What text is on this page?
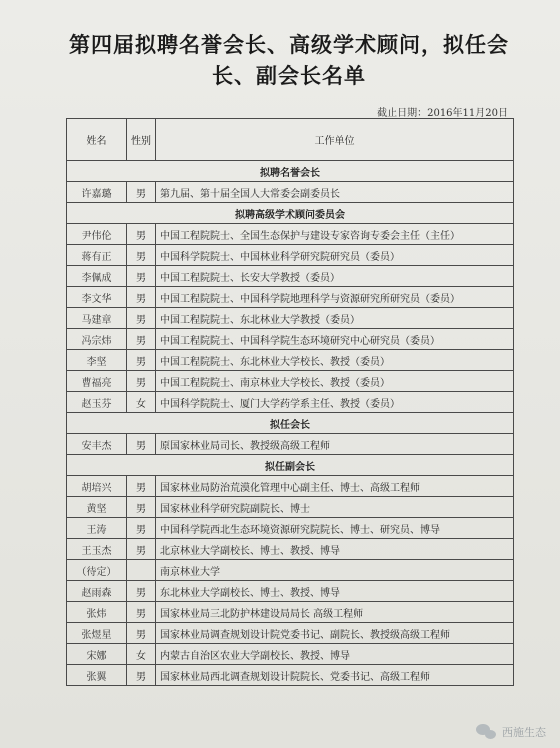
第四届拟聘名誉会长、高级学术顾问，拟任会长、副会长名单
截止日期：2016年11月20日
姓名	性别	工作单位
拟聘名誉会长		
许嘉璐	男	第九届、第十届全国人大常委会副委员长
拟聘高级学术顾问委员会		
尹伟伦	男	中国工程院院士、全国生态保护与建设专家咨询专委会主任（主任）
蒋有正	男	中国科学院院士、中国林业科学研究院研究员（委员）
李佩成	男	中国工程院院士、长安大学教授（委员）
李文华	男	中国工程院院士、中国科学院地理科学与资源研究所研究员（委员）
马建章	男	中国工程院院士、东北林业大学教授（委员）
冯宗炜	男	中国工程院院士、中国科学院生态环境研究中心研究员（委员）
李坚	男	中国工程院院士、东北林业大学校长、教授（委员）
曹福亮	男	中国工程院院士、南京林业大学校长、教授（委员）
赵玉芬	女	中国科学院院士、厦门大学药学系主任、教授（委员）
拟任会长		
安丰杰	男	原国家林业局司长、教授级高级工程师
拟任副会长		
胡培兴	男	国家林业局防治荒漠化管理中心副主任、博士、高级工程师
黄坚	男	国家林业科学研究院副院长、博士
王涛	男	中国科学院西北生态环境资源研究院院长、博士、研究员、博导
王玉杰	男	北京林业大学副校长、博士、教授、博导
（待定）		南京林业大学
赵雨森	男	东北林业大学副校长、博士、教授、博导
张炜	男	国家林业局三北防护林建设局局长 高级工程师
张煜星	男	国家林业局调查规划设计院党委书记、副院长、教授级高级工程师
宋娜	女	内蒙古自治区农业大学副校长、教授、博导
张翼	男	国家林业局西北调查规划设计院院长、党委书记、高级工程师
西施生态
